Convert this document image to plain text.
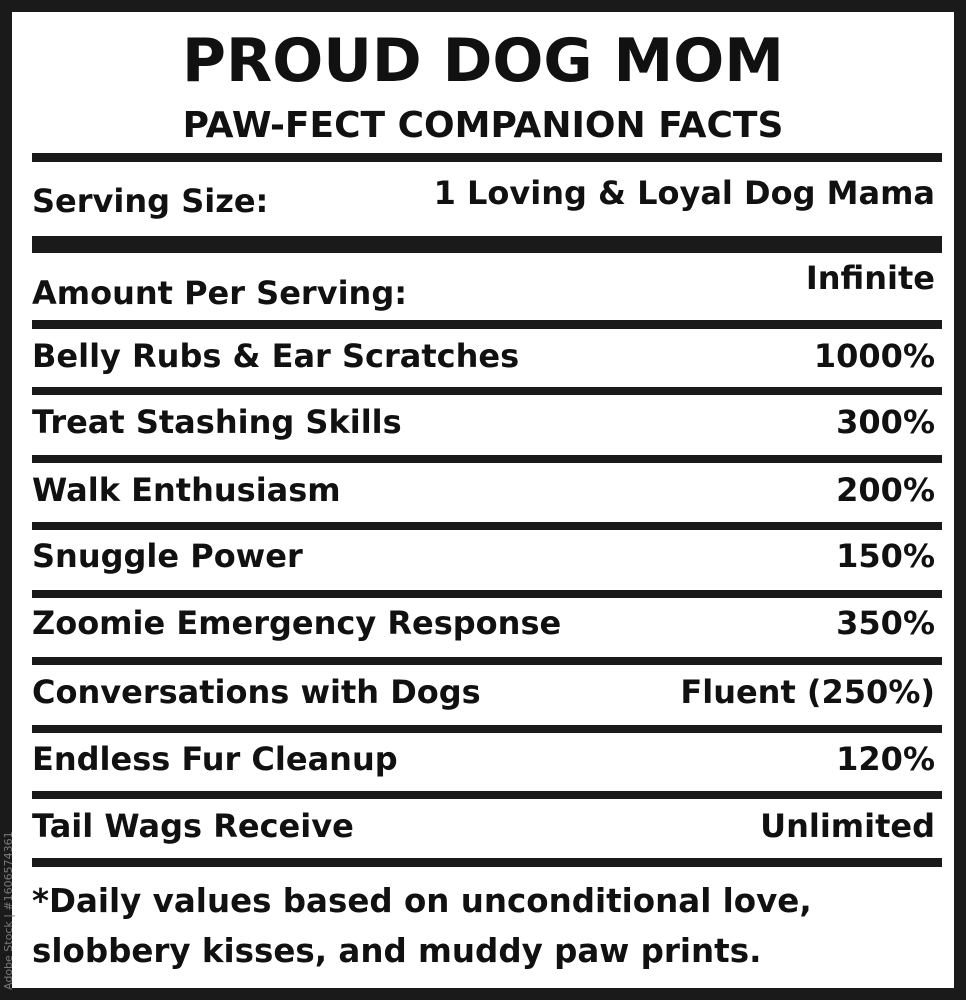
PROUD DOG MOM
PAW-FECT COMPANION FACTS
Serving Size:	1 Loving & Loyal Dog Mama
Amount Per Serving:	Infinite
Belly Rubs & Ear Scratches	1000%
Treat Stashing Skills	300%
Walk Enthusiasm	200%
Snuggle Power	150%
Zoomie Emergency Response	350%
Conversations with Dogs	Fluent (250%)
Endless Fur Cleanup	120%
Tail Wags Receive	Unlimited
*Daily values based on unconditional love, slobbery kisses, and muddy paw prints.
Adobe Stock | #1606574361
